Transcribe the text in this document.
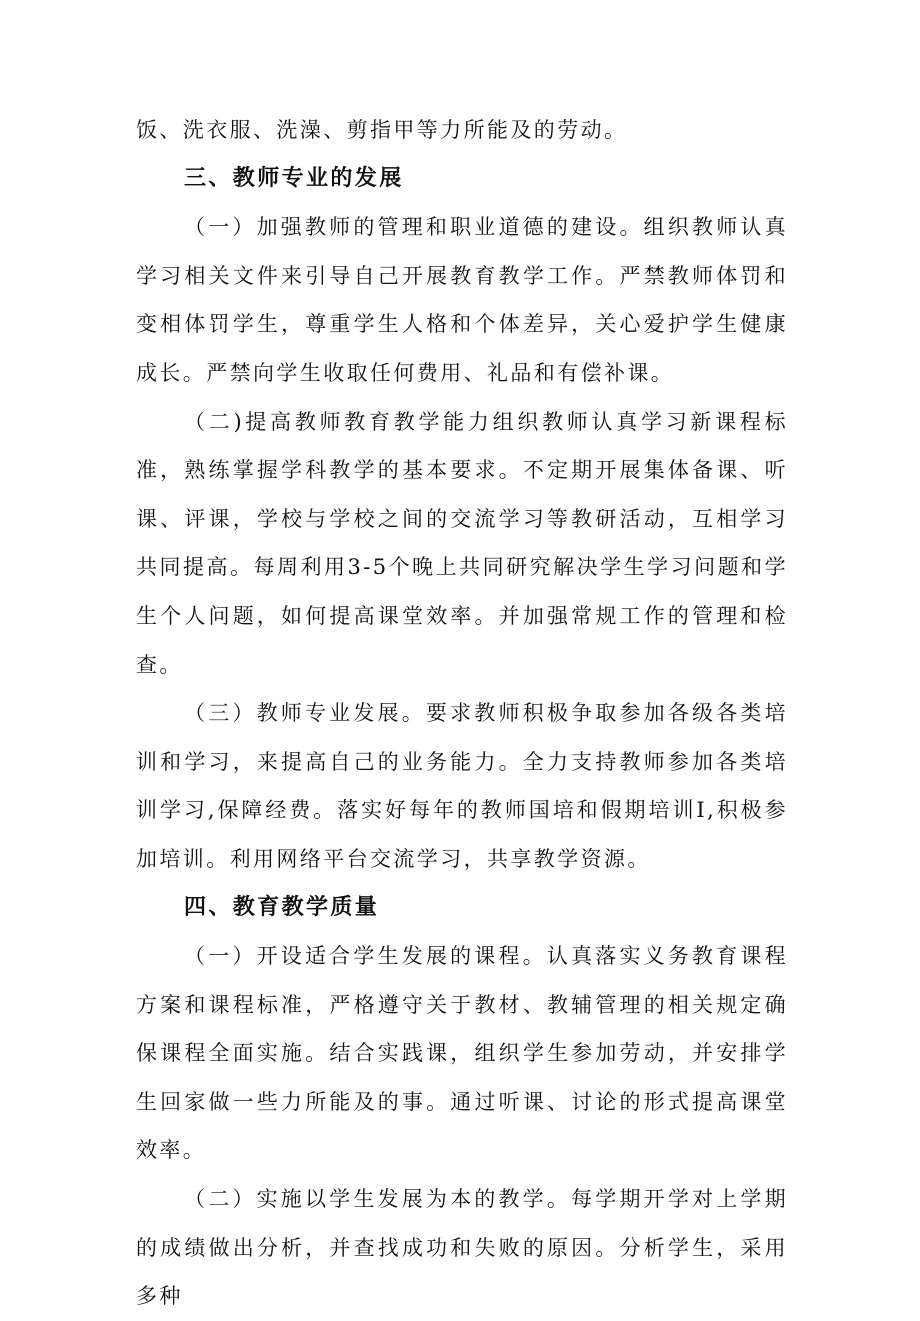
饭、洗衣服、洗澡、剪指甲等力所能及的劳动。

三、教师专业的发展

（一）加强教师的管理和职业道德的建设。组织教师认真学习相关文件来引导自己开展教育教学工作。严禁教师体罚和变相体罚学生，尊重学生人格和个体差异，关心爱护学生健康成长。严禁向学生收取任何费用、礼品和有偿补课。

（二)提高教师教育教学能力组织教师认真学习新课程标准，熟练掌握学科教学的基本要求。不定期开展集体备课、听课、评课，学校与学校之间的交流学习等教研活动，互相学习共同提高。每周利用3-5个晚上共同研究解决学生学习问题和学生个人问题，如何提高课堂效率。并加强常规工作的管理和检查。

（三）教师专业发展。要求教师积极争取参加各级各类培训和学习，来提高自己的业务能力。全力支持教师参加各类培训学习,保障经费。落实好每年的教师国培和假期培训I,积极参加培训。利用网络平台交流学习，共享教学资源。

四、教育教学质量

（一）开设适合学生发展的课程。认真落实义务教育课程方案和课程标准，严格遵守关于教材、教辅管理的相关规定确保课程全面实施。结合实践课，组织学生参加劳动，并安排学生回家做一些力所能及的事。通过听课、讨论的形式提高课堂效率。

（二）实施以学生发展为本的教学。每学期开学对上学期的成绩做出分析，并查找成功和失败的原因。分析学生，采用多种
